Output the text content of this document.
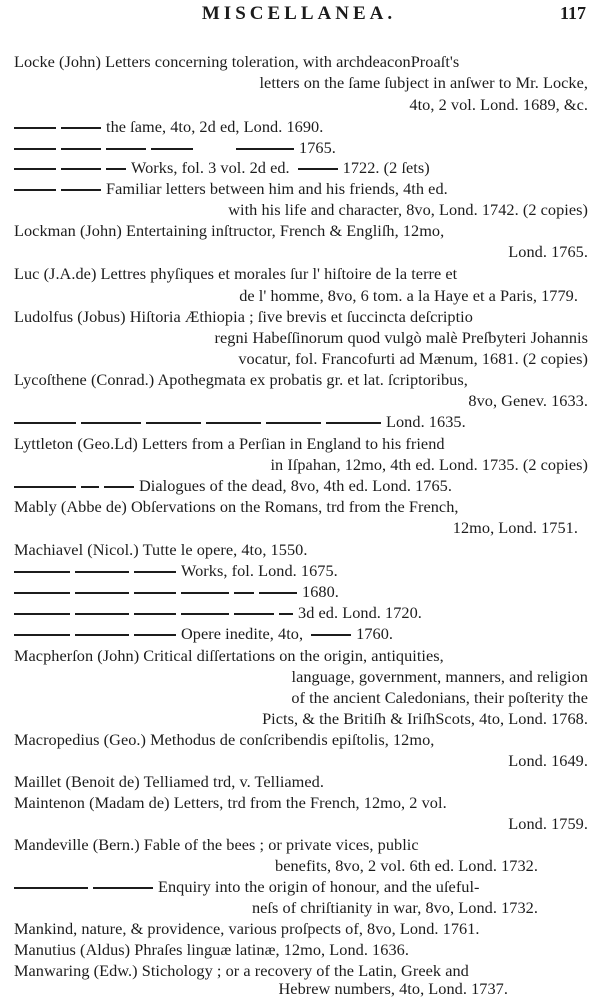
MISCELLANEA.	117
Locke (John) Letters concerning toleration, with archdeaconProaſt's
letters on the ſame ſubject in anſwer to Mr. Locke,
4to, 2 vol. Lond. 1689, &c.
the ſame, 4to, 2d ed, Lond. 1690.
1765.
Works, fol. 3 vol. 2d ed.	1722. (2 ſets)
Familiar letters between him and his friends, 4th ed.
with his life and character, 8vo, Lond. 1742. (2 copies)
Lockman (John) Entertaining inſtructor, French & Engliſh, 12mo,
Lond. 1765.
Luc (J.A.de) Lettres phyſiques et morales ſur l' hiſtoire de la terre et
de l' homme, 8vo, 6 tom. a la Haye et a Paris, 1779.
Ludolfus (Jobus) Hiſtoria Æthiopia ; ſive brevis et ſuccincta deſcriptio
regni Habeſſinorum quod vulgò malè Preſbyteri Johannis
vocatur, fol. Francofurti ad Mænum, 1681. (2 copies)
Lycoſthene (Conrad.) Apothegmata ex probatis gr. et lat. ſcriptoribus,
8vo, Genev. 1633.
Lond. 1635.
Lyttleton (Geo.Ld) Letters from a Perſian in England to his friend
in Iſpahan, 12mo, 4th ed. Lond. 1735. (2 copies)
Dialogues of the dead, 8vo, 4th ed. Lond. 1765.
Mably (Abbe de) Obſervations on the Romans, trd from the French,
12mo, Lond. 1751.
Machiavel (Nicol.) Tutte le opere, 4to, 1550.
Works, fol. Lond. 1675.
1680.
3d ed. Lond. 1720.
Opere inedite, 4to,	1760.
Macpherſon (John) Critical diſſertations on the origin, antiquities,
language, government, manners, and religion
of the ancient Caledonians, their poſterity the
Picts, & the Britiſh & IriſhScots, 4to, Lond. 1768.
Macropedius (Geo.) Methodus de conſcribendis epiſtolis, 12mo,
Lond. 1649.
Maillet (Benoit de) Telliamed trd, v. Telliamed.
Maintenon (Madam de) Letters, trd from the French, 12mo, 2 vol.
Lond. 1759.
Mandeville (Bern.) Fable of the bees ; or private vices, public
benefits, 8vo, 2 vol. 6th ed. Lond. 1732.
Enquiry into the origin of honour, and the uſeful-
neſs of chriſtianity in war, 8vo, Lond. 1732.
Mankind, nature, & providence, various proſpects of, 8vo, Lond. 1761.
Manutius (Aldus) Phraſes linguæ latinæ, 12mo, Lond. 1636.
Manwaring (Edw.) Stichology ; or a recovery of the Latin, Greek and
Hebrew numbers, 4to, Lond. 1737.
